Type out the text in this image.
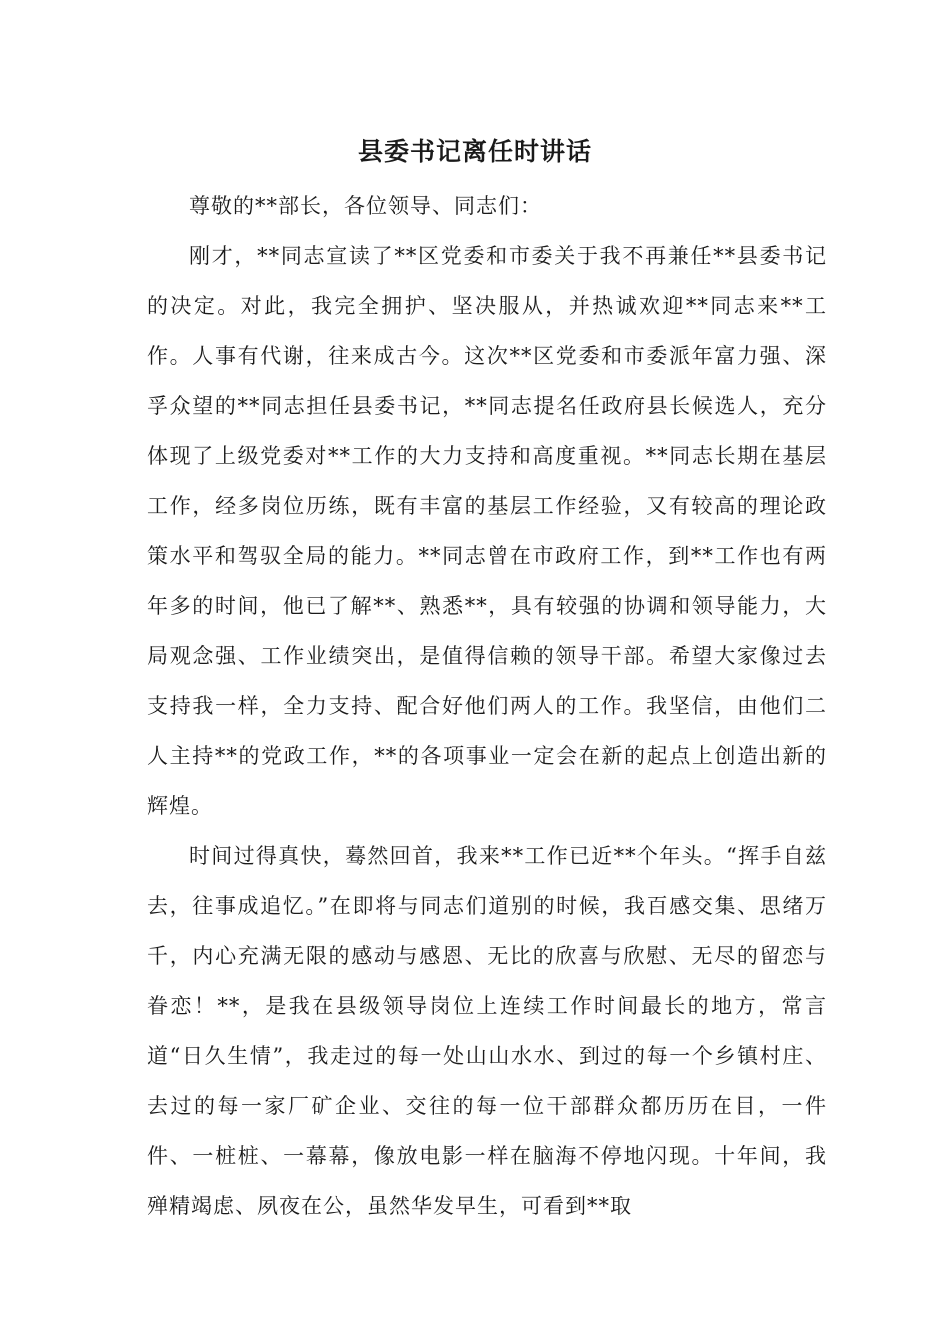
县委书记离任时讲话

尊敬的**部长，各位领导、同志们：

刚才，**同志宣读了**区党委和市委关于我不再兼任**县委书记的决定。对此，我完全拥护、坚决服从，并热诚欢迎**同志来**工作。人事有代谢，往来成古今。这次**区党委和市委派年富力强、深孚众望的**同志担任县委书记，**同志提名任政府县长候选人，充分体现了上级党委对**工作的大力支持和高度重视。**同志长期在基层工作，经多岗位历练，既有丰富的基层工作经验，又有较高的理论政策水平和驾驭全局的能力。**同志曾在市政府工作，到**工作也有两年多的时间，他已了解**、熟悉**，具有较强的协调和领导能力，大局观念强、工作业绩突出，是值得信赖的领导干部。希望大家像过去支持我一样，全力支持、配合好他们两人的工作。我坚信，由他们二人主持**的党政工作，**的各项事业一定会在新的起点上创造出新的辉煌。

时间过得真快，蓦然回首，我来**工作已近**个年头。“挥手自兹去，往事成追忆。”在即将与同志们道别的时候，我百感交集、思绪万千，内心充满无限的感动与感恩、无比的欣喜与欣慰、无尽的留恋与眷恋！**，是我在县级领导岗位上连续工作时间最长的地方，常言道“日久生情”，我走过的每一处山山水水、到过的每一个乡镇村庄、去过的每一家厂矿企业、交往的每一位干部群众都历历在目，一件件、一桩桩、一幕幕，像放电影一样在脑海不停地闪现。十年间，我殚精竭虑、夙夜在公，虽然华发早生，可看到**取
